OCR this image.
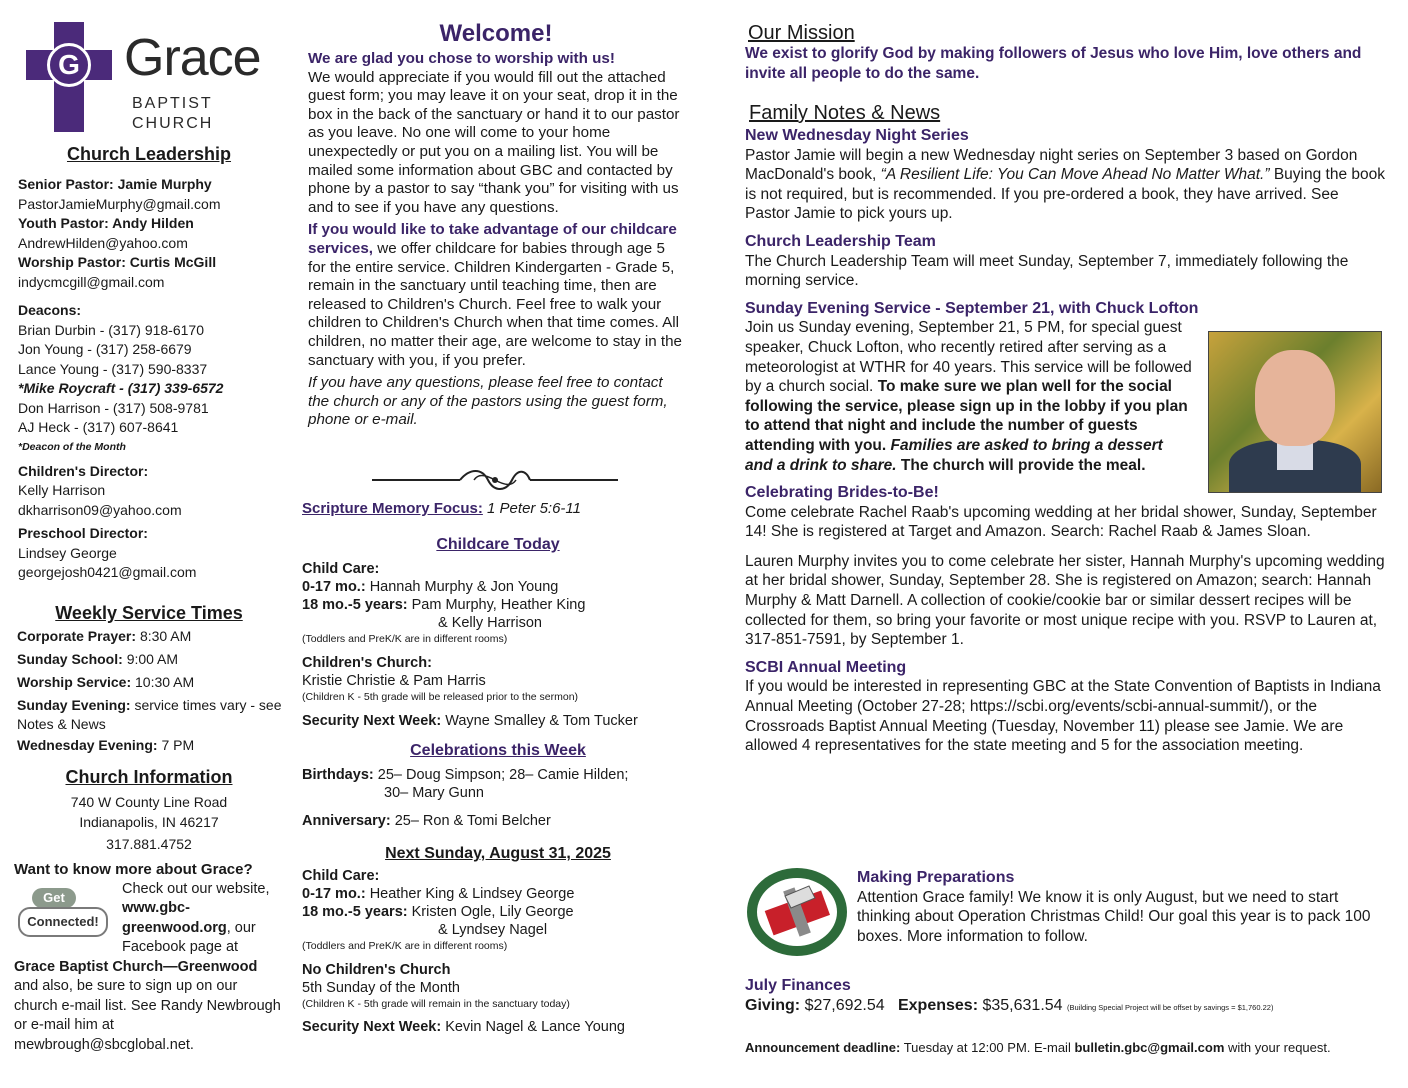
G Grace
BAPTIST CHURCH
Church Leadership
Senior Pastor: Jamie Murphy
PastorJamieMurphy@gmail.com
Youth Pastor: Andy Hilden
AndrewHilden@yahoo.com
Worship Pastor: Curtis McGill
indycmcgill@gmail.com
Deacons:
Brian Durbin - (317) 918-6170
Jon Young - (317) 258-6679
Lance Young - (317) 590-8337
*Mike Roycraft - (317) 339-6572
Don Harrison - (317) 508-9781
AJ Heck - (317) 607-8641
*Deacon of the Month
Children's Director:
Kelly Harrison
dkharrison09@yahoo.com
Preschool Director:
Lindsey George
georgejosh0421@gmail.com
Weekly Service Times
Corporate Prayer: 8:30 AM
Sunday School: 9:00 AM
Worship Service: 10:30 AM
Sunday Evening: service times vary - see Notes & News
Wednesday Evening: 7 PM
Church Information
740 W County Line Road
Indianapolis, IN 46217
317.881.4752
Want to know more about Grace?
Check out our website, www.gbc-greenwood.org, our Facebook page at
Grace Baptist Church—Greenwood and also, be sure to sign up on our church e-mail list. See Randy Newbrough or e-mail him at mewbrough@sbcglobal.net.
Get
Connected!
Welcome!
We are glad you chose to worship with us!
We would appreciate if you would fill out the attached guest form; you may leave it on your seat, drop it in the box in the back of the sanctuary or hand it to our pastor as you leave. No one will come to your home unexpectedly or put you on a mailing list. You will be mailed some information about GBC and contacted by phone by a pastor to say “thank you” for visiting with us and to see if you have any questions.
If you would like to take advantage of our childcare services, we offer childcare for babies through age 5 for the entire service. Children Kindergarten - Grade 5, remain in the sanctuary until teaching time, then are released to Children's Church. Feel free to walk your children to Children's Church when that time comes. All children, no matter their age, are welcome to stay in the sanctuary with you, if you prefer.
If you have any questions, please feel free to contact the church or any of the pastors using the guest form, phone or e-mail.
Scripture Memory Focus: 1 Peter 5:6-11
Childcare Today
Child Care:
0-17 mo.: Hannah Murphy & Jon Young
18 mo.-5 years: Pam Murphy, Heather King
& Kelly Harrison
(Toddlers and PreK/K are in different rooms)
Children's Church:
Kristie Christie & Pam Harris
(Children K - 5th grade will be released prior to the sermon)
Security Next Week: Wayne Smalley & Tom Tucker
Celebrations this Week
Birthdays: 25– Doug Simpson; 28– Camie Hilden;
30– Mary Gunn
Anniversary: 25– Ron & Tomi Belcher
Next Sunday, August 31, 2025
Child Care:
0-17 mo.: Heather King & Lindsey George
18 mo.-5 years: Kristen Ogle, Lily George
& Lyndsey Nagel
(Toddlers and PreK/K are in different rooms)
No Children's Church
5th Sunday of the Month
(Children K - 5th grade will remain in the sanctuary today)
Security Next Week: Kevin Nagel & Lance Young
Our Mission
We exist to glorify God by making followers of Jesus who love Him, love others and invite all people to do the same.
Family Notes & News
New Wednesday Night Series
Pastor Jamie will begin a new Wednesday night series on September 3 based on Gordon MacDonald's book, “A Resilient Life: You Can Move Ahead No Matter What.” Buying the book is not required, but is recommended. If you pre-ordered a book, they have arrived. See Pastor Jamie to pick yours up.
Church Leadership Team
The Church Leadership Team will meet Sunday, September 7, immediately following the morning service.
Sunday Evening Service - September 21, with Chuck Lofton
Join us Sunday evening, September 21, 5 PM, for special guest speaker, Chuck Lofton, who recently retired after serving as a meteorologist at WTHR for 40 years. This service will be followed by a church social. To make sure we plan well for the social following the service, please sign up in the lobby if you plan to attend that night and include the number of guests attending with you. Families are asked to bring a dessert and a drink to share. The church will provide the meal.
Celebrating Brides-to-Be!
Come celebrate Rachel Raab's upcoming wedding at her bridal shower, Sunday, September 14! She is registered at Target and Amazon. Search: Rachel Raab & James Sloan.
Lauren Murphy invites you to come celebrate her sister, Hannah Murphy's upcoming wedding at her bridal shower, Sunday, September 28. She is registered on Amazon; search: Hannah Murphy & Matt Darnell. A collection of cookie/cookie bar or similar dessert recipes will be collected for them, so bring your favorite or most unique recipe with you. RSVP to Lauren at, 317-851-7591, by September 1.
SCBI Annual Meeting
If you would be interested in representing GBC at the State Convention of Baptists in Indiana Annual Meeting (October 27-28; https://scbi.org/events/scbi-annual-summit/), or the Crossroads Baptist Annual Meeting (Tuesday, November 11) please see Jamie. We are allowed 4 representatives for the state meeting and 5 for the association meeting.
Making Preparations
Attention Grace family! We know it is only August, but we need to start thinking about Operation Christmas Child! Our goal this year is to pack 100 boxes. More information to follow.
July Finances
Giving: $27,692.54 Expenses: $35,631.54 (Building Special Project will be offset by savings = $1,760.22)
Announcement deadline: Tuesday at 12:00 PM. E-mail bulletin.gbc@gmail.com with your request.
